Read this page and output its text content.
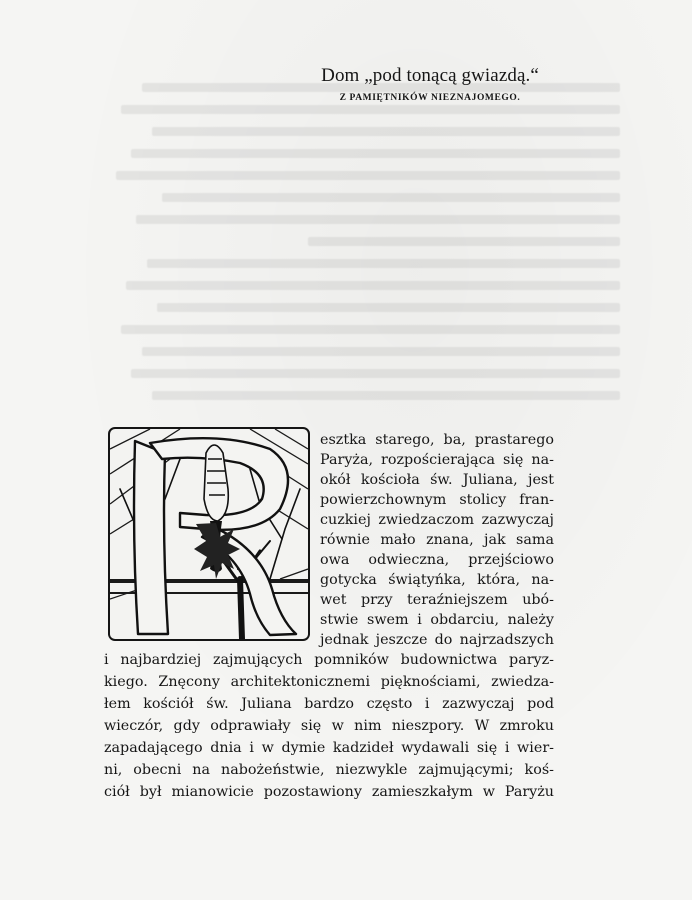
Dom „pod tonącą gwiazdą.“
Z PAMIĘTNIKÓW NIEZNAJOMEGO.
esztka starego, ba, prastarego
Paryża, rozpościerająca się na-
okół kościoła św. Juliana, jest
powierzchownym stolicy fran-
cuzkiej zwiedzaczom zazwyczaj
równie mało znana, jak sama
owa odwieczna, przejściowo
gotycka świątyńka, która, na-
wet przy teraźniejszem ubó-
stwie swem i obdarciu, należy
jednak jeszcze do najrzadszych
i najbardziej zajmujących pomników budownictwa paryz-
kiego. Znęcony architektonicznemi pięknościami, zwiedza-
łem kościół św. Juliana bardzo często i zazwyczaj pod
wieczór, gdy odprawiały się w nim nieszpory. W zmroku
zapadającego dnia i w dymie kadzideł wydawali się i wier-
ni, obecni na nabożeństwie, niezwykle zajmującymi; koś-
ciół był mianowicie pozostawiony zamieszkałym w Paryżu
